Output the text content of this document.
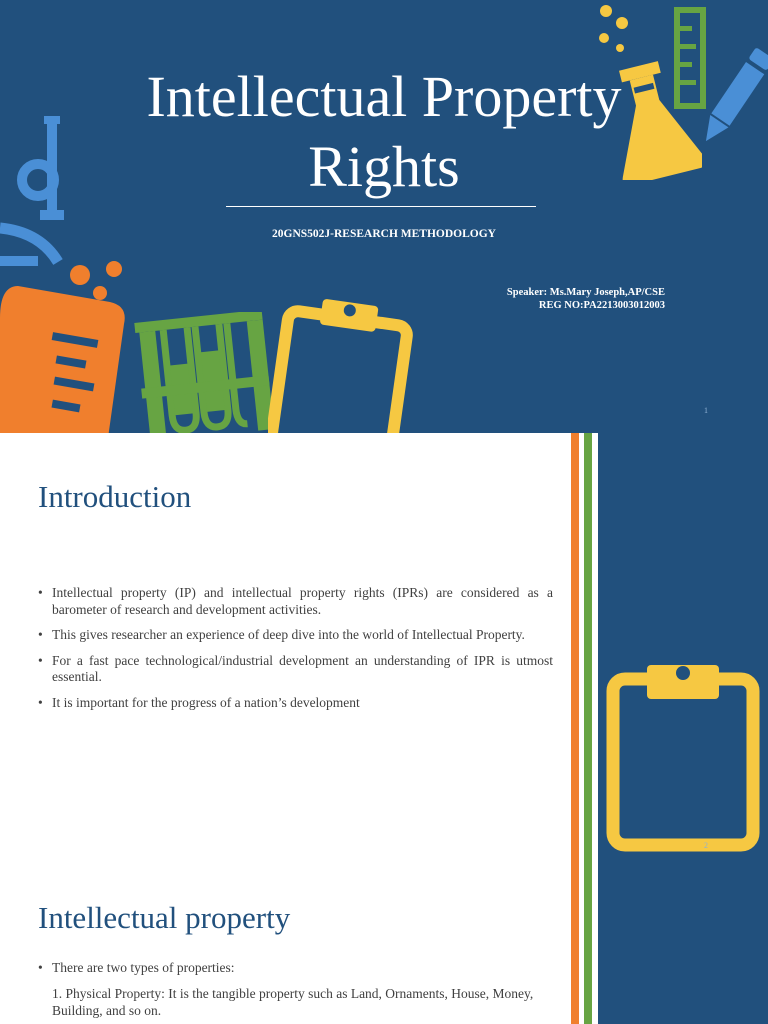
Intellectual Property
Rights
20GNS502J-RESEARCH METHODOLOGY
Speaker: Ms.Mary Joseph,AP/CSE
REG NO:PA2213003012003
1
Introduction
• Intellectual property (IP) and intellectual property rights (IPRs) are considered as a barometer of research and development activities.
• This gives researcher an experience of deep dive into the world of Intellectual Property.
• For a fast pace technological/industrial development an understanding of IPR is utmost essential.
• It is important for the progress of a nation’s development
2
Intellectual property
• There are two types of properties:
1. Physical Property: It is the tangible property such as Land, Ornaments, House, Money, Building, and so on.
